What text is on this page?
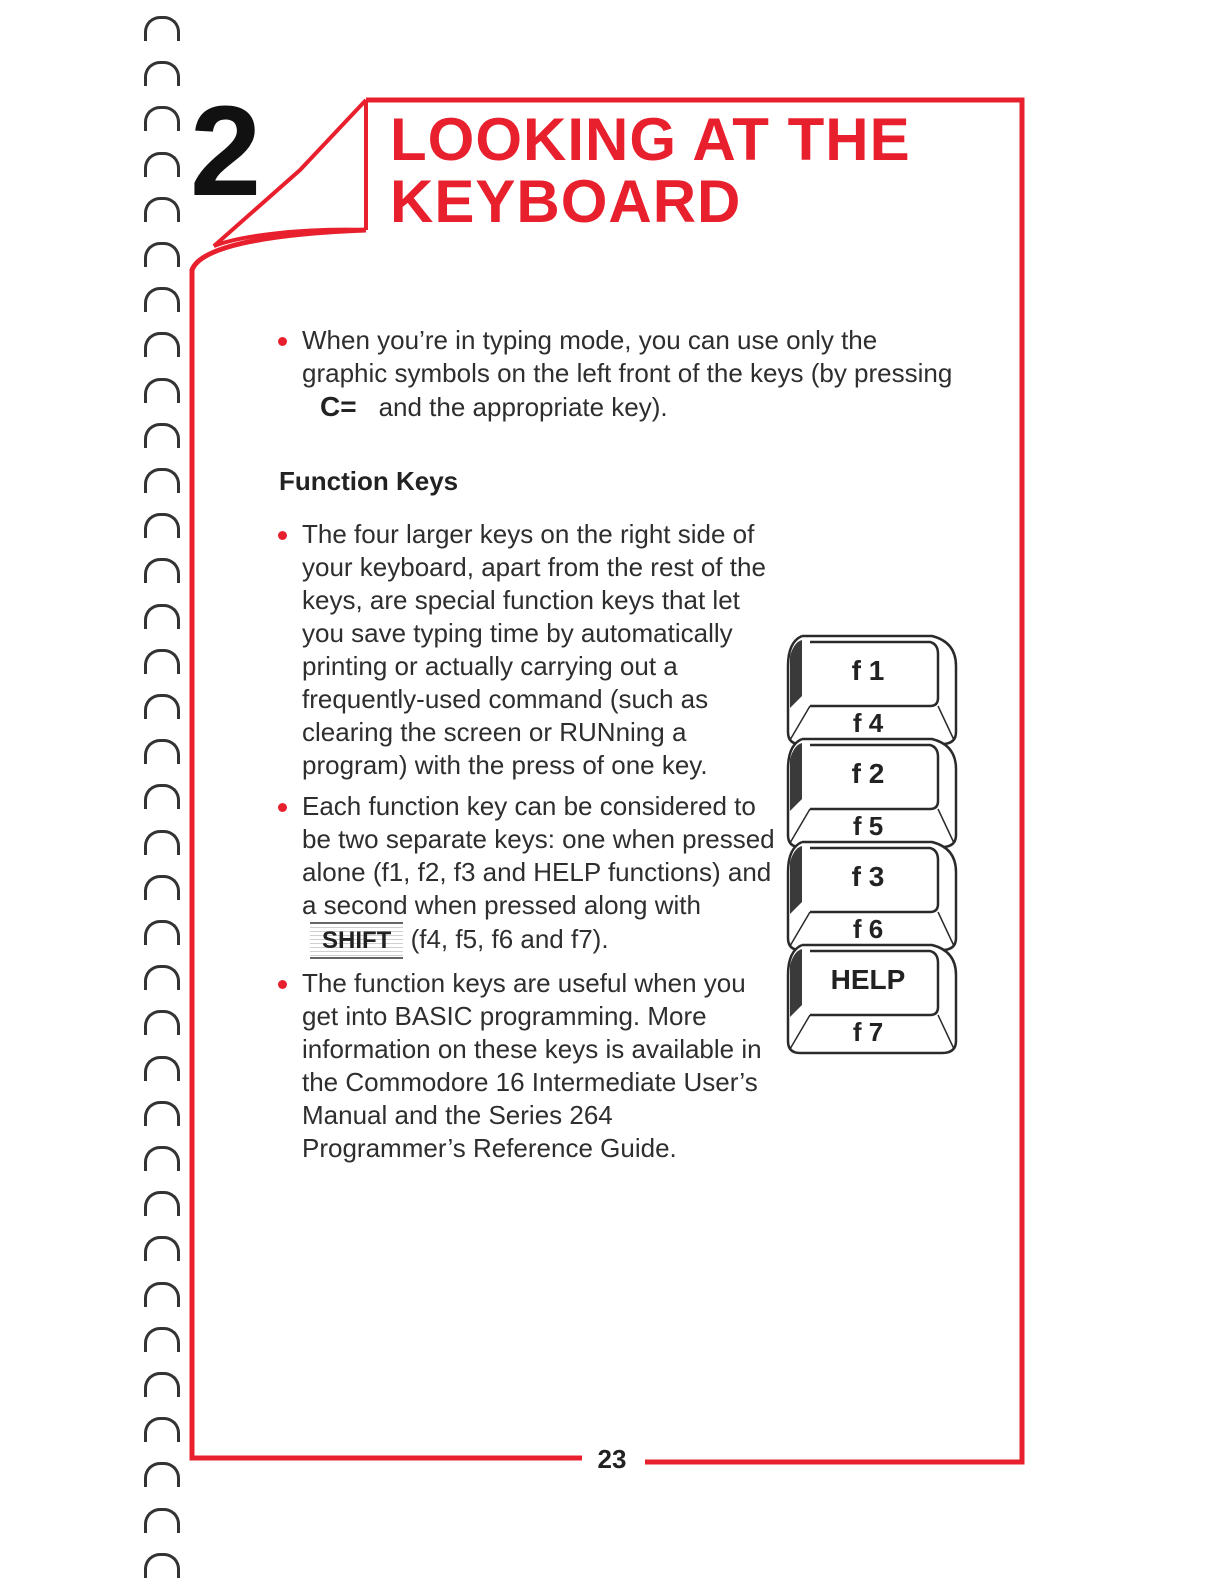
2 LOOKING AT THE
KEYBOARD
When you’re in typing mode, you can use only the graphic symbols on the left front of the keys (by pressingC= and the appropriate key).
Function Keys
The four larger keys on the right side of your keyboard, apart from the rest of the keys, are special function keys that let you save typing time by automatically printing or actually carrying out a frequently-used command (such as clearing the screen or RUNning a program) with the press of one key.
Each function key can be considered to be two separate keys: one when pressed alone (f1, f2, f3 and HELP functions) and a second when pressed along withSHIFT (f4, f5, f6 and f7).
The function keys are useful when you get into BASIC programming. More information on these keys is available in the Commodore 16 Intermediate User’s Manual and the Series 264 Programmer’s Reference Guide.
f 1
f 4
f 2
f 5
f 3
f 6
HELP
f 7
23
